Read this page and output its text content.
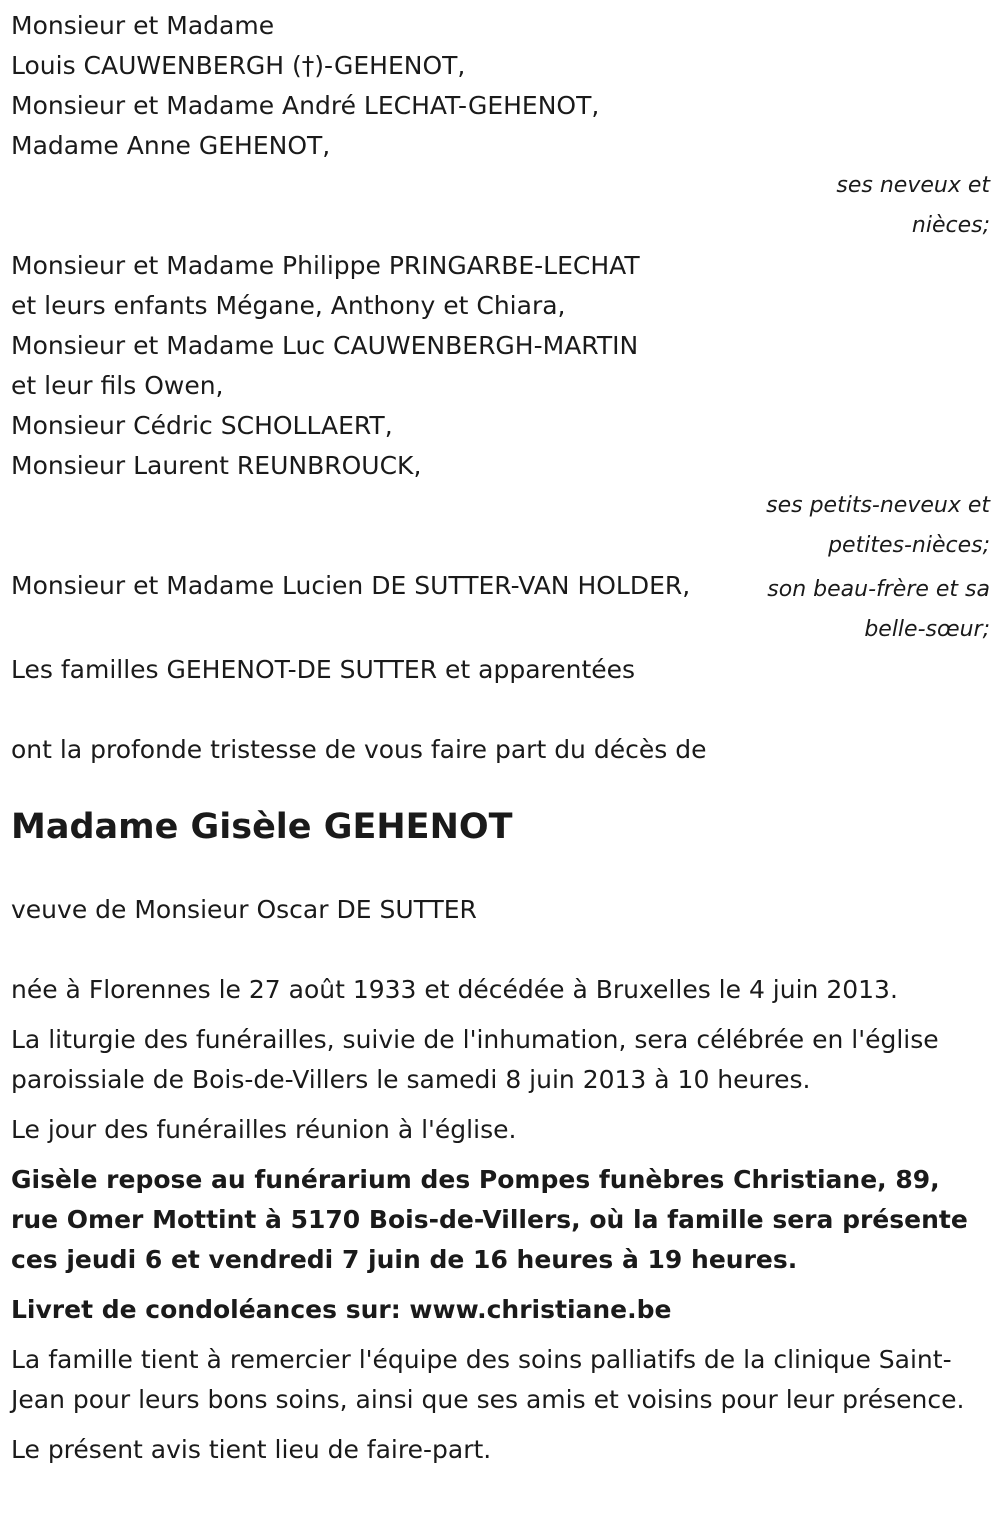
Monsieur et Madame
Louis CAUWENBERGH (†)-GEHENOT,
Monsieur et Madame André LECHAT-GEHENOT,
Madame Anne GEHENOT,
ses neveux et
nièces;
Monsieur et Madame Philippe PRINGARBE-LECHAT
et leurs enfants Mégane, Anthony et Chiara,
Monsieur et Madame Luc CAUWENBERGH-MARTIN
et leur fils Owen,
Monsieur Cédric SCHOLLAERT,
Monsieur Laurent REUNBROUCK,
ses petits-neveux et
petites-nièces;
Monsieur et Madame Lucien DE SUTTER-VAN HOLDER,	son beau-frère et sa
belle-sœur;
Les familles GEHENOT-DE SUTTER et apparentées
ont la profonde tristesse de vous faire part du décès de
Madame Gisèle GEHENOT
veuve de Monsieur Oscar DE SUTTER
née à Florennes le 27 août 1933 et décédée à Bruxelles le 4 juin 2013.
La liturgie des funérailles, suivie de l'inhumation, sera célébrée en l'église paroissiale de Bois-de-Villers le samedi 8 juin 2013 à 10 heures.
Le jour des funérailles réunion à l'église.
Gisèle repose au funérarium des Pompes funèbres Christiane, 89, rue Omer Mottint à 5170 Bois-de-Villers, où la famille sera présente ces jeudi 6 et vendredi 7 juin de 16 heures à 19 heures.
Livret de condoléances sur: www.christiane.be
La famille tient à remercier l'équipe des soins palliatifs de la clinique Saint-Jean pour leurs bons soins, ainsi que ses amis et voisins pour leur présence.
Le présent avis tient lieu de faire-part.
